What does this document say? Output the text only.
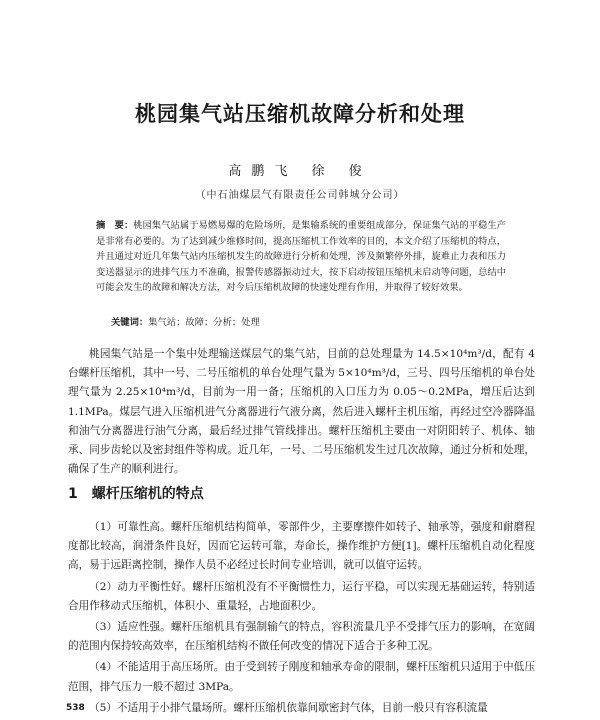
桃园集气站压缩机故障分析和处理
高鹏飞 徐 俊
（中石油煤层气有限责任公司韩城分公司）
摘　要：桃园集气站属于易燃易爆的危险场所，是集输系统的重要组成部分，保证集气站的平稳生产是非常有必要的。为了达到减少维修时间，提高压缩机工作效率的目的，本文介绍了压缩机的特点，并且通过对近几年集气站内压缩机发生的故障进行分析和处理，涉及频繁停外排，旋难止力表和压力变送器显示的进排气压力不准确，报警传感器振动过大，按下启动按钮压缩机未启动等问题，总结中可能会发生的故障和解决方法，对今后压缩机故障的快速处理有作用，并取得了较好效果。
关键词：集气站；故障；分析；处理

桃园集气站是一个集中处理输送煤层气的集气站，目前的总处理量为 14.5×10⁴m³/d，配有 4 台螺杆压缩机，其中一号、二号压缩机的单台处理气量为 5×10⁴m³/d，三号、四号压缩机的单台处理气量为 2.25×10⁴m³/d，目前为一用一备；压缩机的入口压力为 0.05～0.2MPa，增压后达到 1.1MPa。煤层气进入压缩机进气分离器进行气液分离，然后进入螺杆主机压缩，再经过空冷器降温和油气分离器进行油气分离，最后经过排气管线排出。螺杆压缩机主要由一对阴阳转子、机体、轴承、同步齿轮以及密封组件等构成。近几年，一号、二号压缩机发生过几次故障，通过分析和处理，确保了生产的顺利进行。

1 螺杆压缩机的特点

（1）可靠性高。螺杆压缩机结构简单，零部件少，主要摩擦件如转子、轴承等，强度和耐磨程度都比较高，润滑条件良好，因而它运转可靠，寿命长，操作维护方便[1]。螺杆压缩机自动化程度高，易于远距离控制，操作人员不必经过长时间专业培训，就可以值守运转。

（2）动力平衡性好。螺杆压缩机没有不平衡惯性力，运行平稳，可以实现无基础运转，特别适合用作移动式压缩机，体积小、重量轻，占地面积少。

（3）适应性强。螺杆压缩机具有强制输气的特点，容积流量几乎不受排气压力的影响，在宽阔的范围内保持较高效率，在压缩机结构不做任何改变的情况下适合于多种工况。

（4）不能适用于高压场所。由于受到转子刚度和轴承寿命的限制，螺杆压缩机只适用于中低压范围，排气压力一般不超过 3MPa。

（5）不适用于小排气量场所。螺杆压缩机依靠间歇密封气体，目前一般只有容积流量

538
